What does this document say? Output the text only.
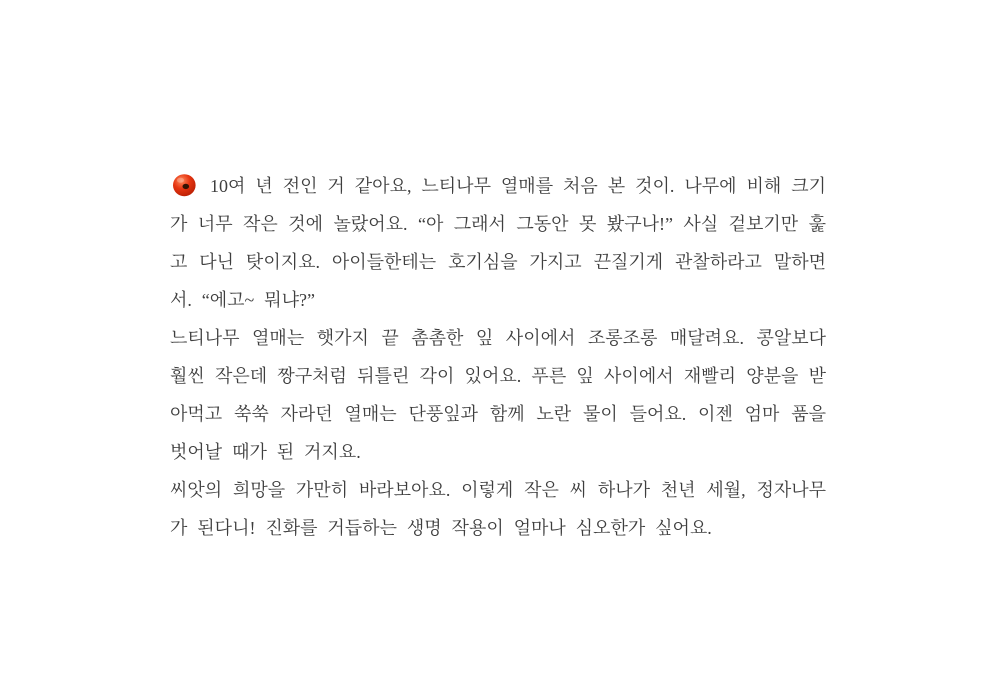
10여 년 전인 거 같아요, 느티나무 열매를 처음 본 것이. 나무에 비해 크기
가 너무 작은 것에 놀랐어요. “아 그래서 그동안 못 봤구나!” 사실 겉보기만 훑
고 다닌 탓이지요. 아이들한테는 호기심을 가지고 끈질기게 관찰하라고 말하면
서. “에고~ 뭐냐?”
느티나무 열매는 햇가지 끝 촘촘한 잎 사이에서 조롱조롱 매달려요. 콩알보다
훨씬 작은데 짱구처럼 뒤틀린 각이 있어요. 푸른 잎 사이에서 재빨리 양분을 받
아먹고 쑥쑥 자라던 열매는 단풍잎과 함께 노란 물이 들어요. 이젠 엄마 품을
벗어날 때가 된 거지요.
씨앗의 희망을 가만히 바라보아요. 이렇게 작은 씨 하나가 천년 세월, 정자나무
가 된다니! 진화를 거듭하는 생명 작용이 얼마나 심오한가 싶어요.
